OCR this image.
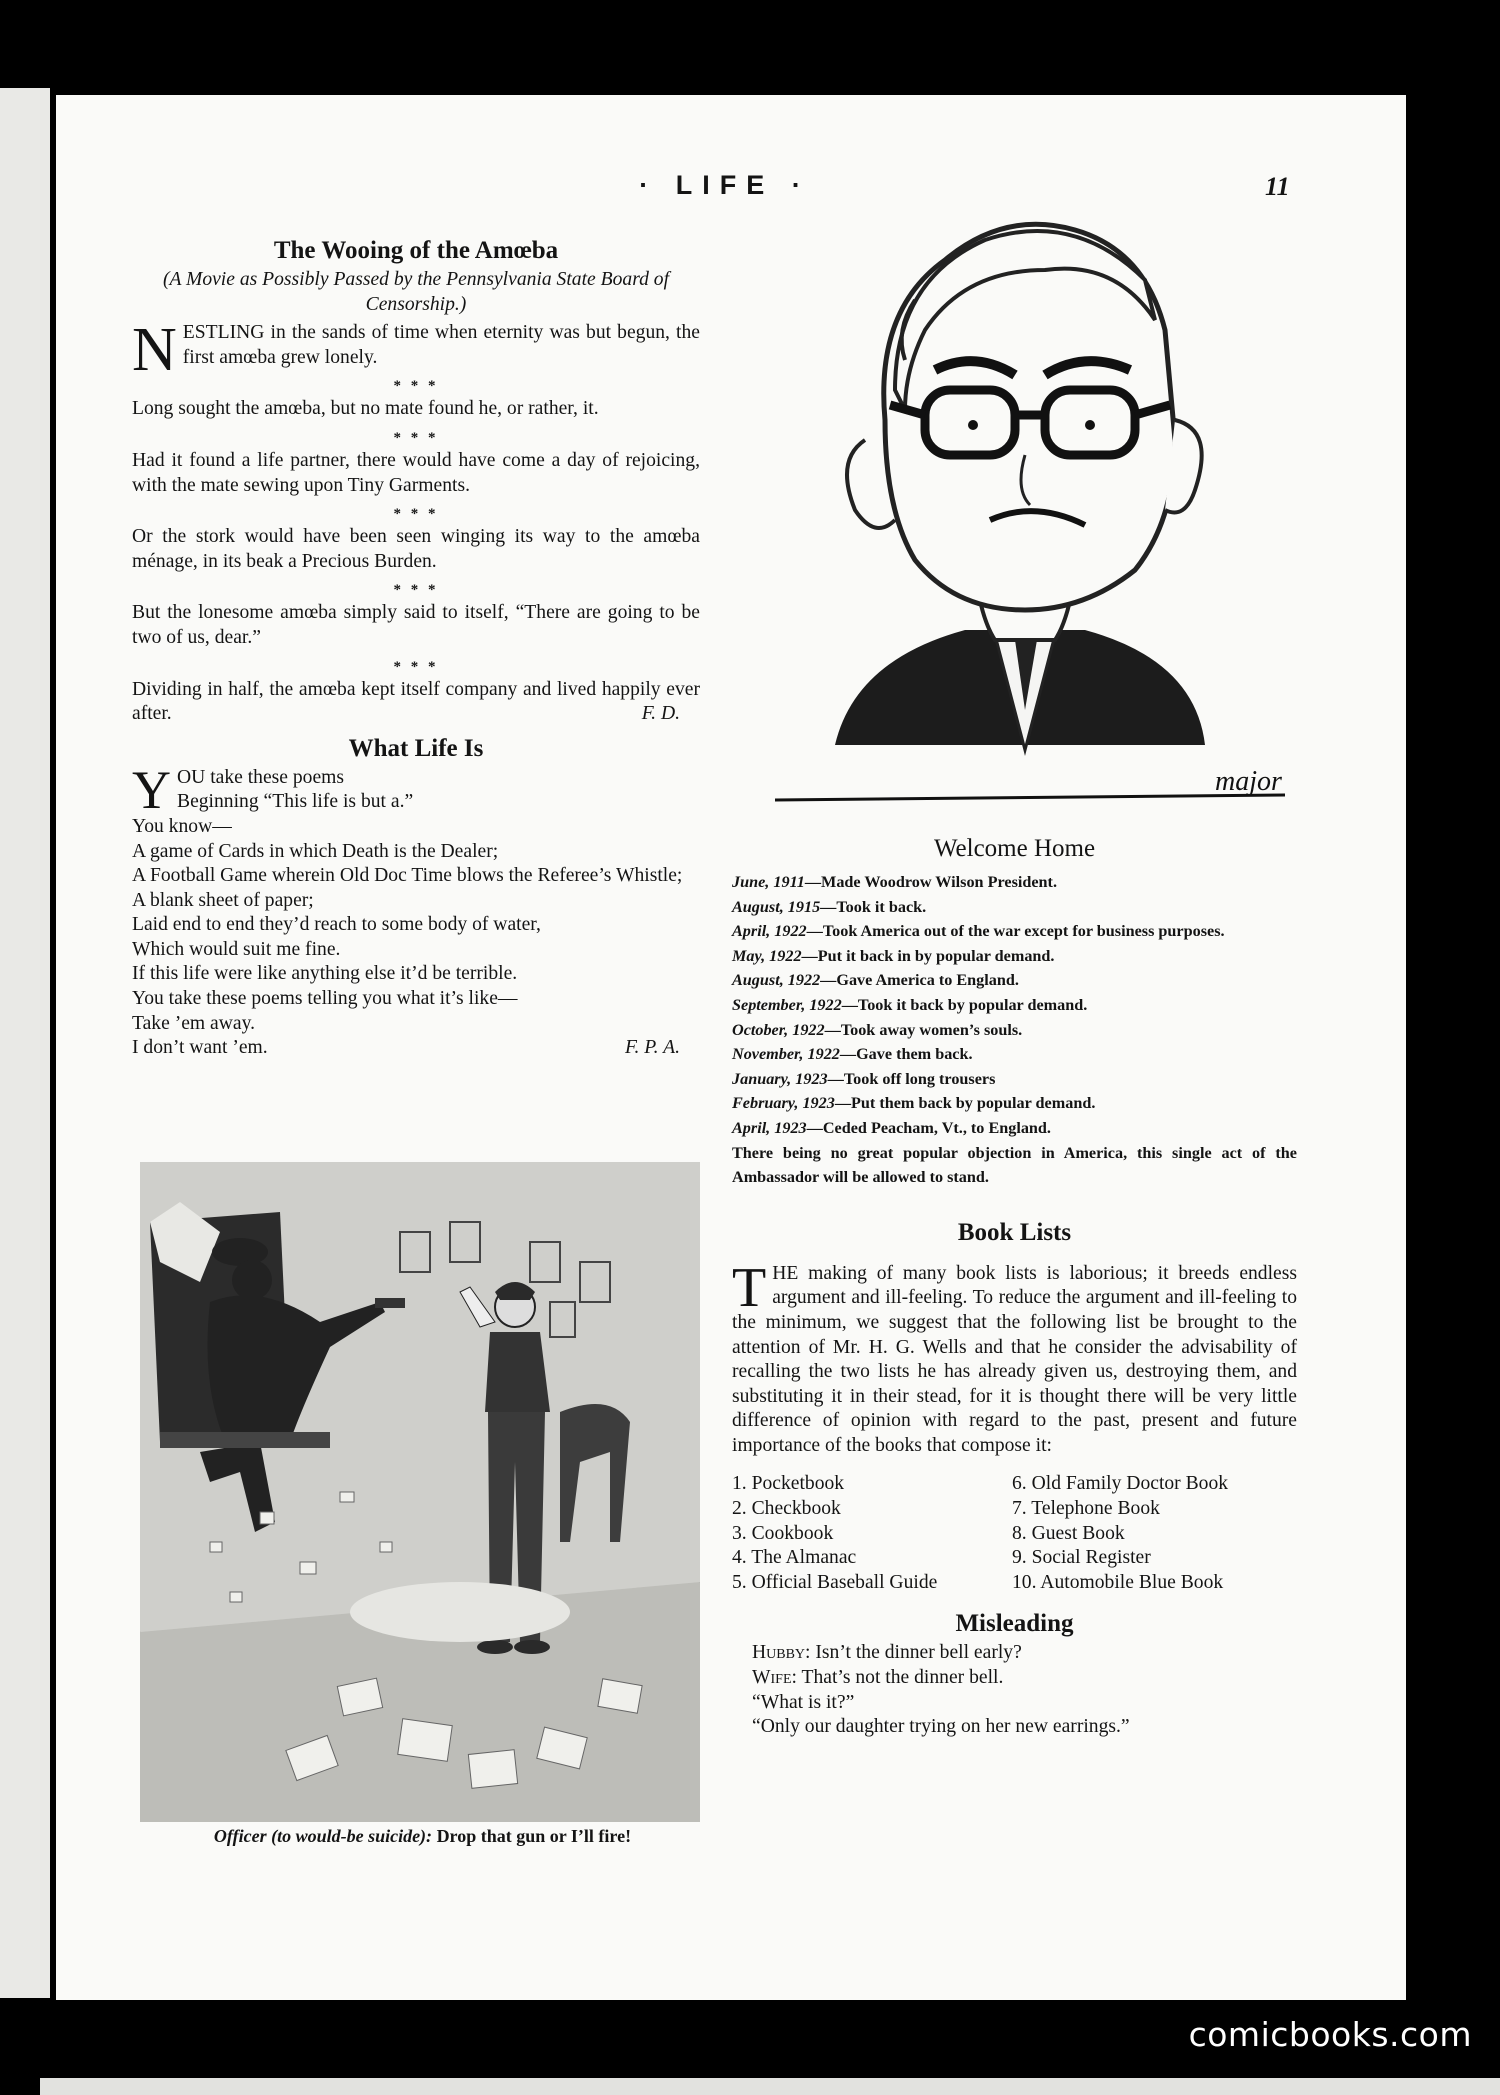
· LIFE ·	11
The Wooing of the Amœba
(A Movie as Possibly Passed by the Pennsylvania State Board of Censorship.)

NESTLING in the sands of time when eternity was but begun, the first amœba grew lonely.

* * *

Long sought the amœba, but no mate found he, or rather, it.

* * *

Had it found a life partner, there would have come a day of rejoicing, with the mate sewing upon Tiny Garments.

* * *

Or the stork would have been seen winging its way to the amœba ménage, in its beak a Precious Burden.

* * *

But the lonesome amœba simply said to itself, “There are going to be two of us, dear.”

* * *

Dividing in half, the amœba kept itself company and lived happily ever after.	F. D.

What Life Is
Y OU take these poems
Beginning “This life is but a.”
You know—
A game of Cards in which Death is the Dealer;
A Football Game wherein Old Doc Time blows the Referee’s Whistle;
A blank sheet of paper;
Laid end to end they’d reach to some body of water,
Which would suit me fine.
If this life were like anything else it’d be terrible.
You take these poems telling you what it’s like—
Take ’em away.
I don’t want ’em.	F. P. A.
Officer (to would-be suicide): Drop that gun or I’ll fire!
major
Welcome Home
June, 1911—Made Woodrow Wilson President.
August, 1915—Took it back.
April, 1922—Took America out of the war except for business purposes.
May, 1922—Put it back in by popular demand.
August, 1922—Gave America to England.
September, 1922—Took it back by popular demand.
October, 1922—Took away women’s souls.
November, 1922—Gave them back.
January, 1923—Took off long trousers
February, 1923—Put them back by popular demand.
April, 1923—Ceded Peacham, Vt., to England.
There being no great popular objection in America, this single act of the Ambassador will be allowed to stand.
Book Lists

THE making of many book lists is laborious; it breeds endless argument and ill-feeling. To reduce the argument and ill-feeling to the minimum, we suggest that the following list be brought to the attention of Mr. H. G. Wells and that he consider the advisability of recalling the two lists he has already given us, destroying them, and substituting it in their stead, for it is thought there will be very little difference of opinion with regard to the past, present and future importance of the books that compose it:

1. Pocketbook	6. Old Family Doctor Book
2. Checkbook	7. Telephone Book
3. Cookbook	8. Guest Book
4. The Almanac	9. Social Register
5. Official Baseball Guide	10. Automobile Blue Book
Misleading
Hubby: Isn’t the dinner bell early?
Wife: That’s not the dinner bell.
“What is it?”
“Only our daughter trying on her new earrings.”
comicbooks.com
